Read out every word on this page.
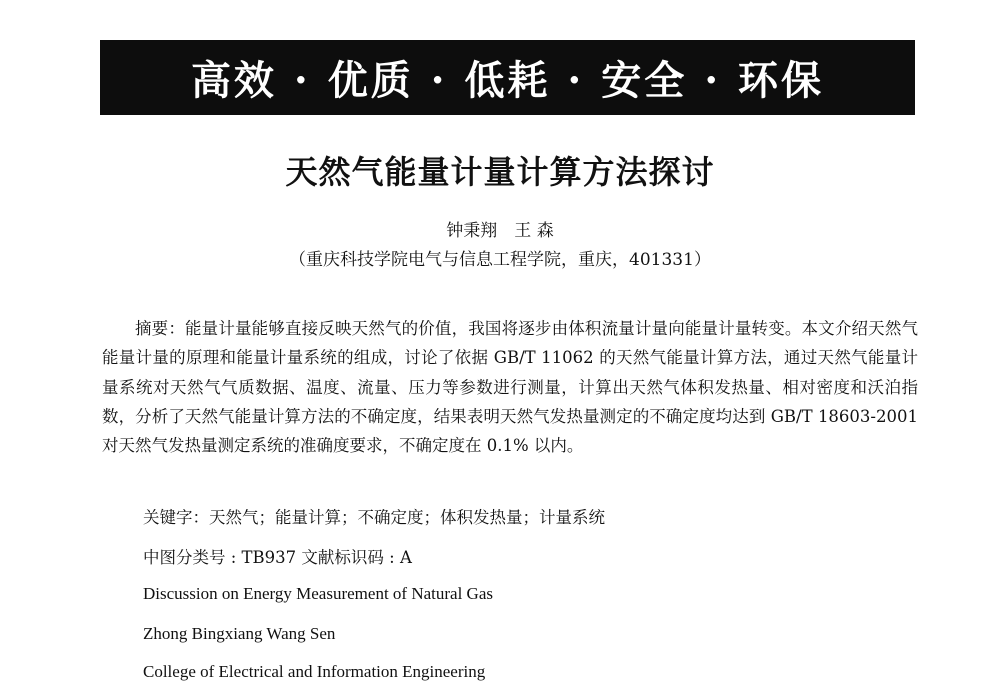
高效 · 优质 · 低耗 · 安全 · 环保
天然气能量计量计算方法探讨
钟秉翔　王 森
（重庆科技学院电气与信息工程学院，重庆，401331）

摘要：能量计量能够直接反映天然气的价值，我国将逐步由体积流量计量向能量计量转变。本文介绍天然气能量计量的原理和能量计量系统的组成，讨论了依据 GB/T 11062 的天然气能量计算方法，通过天然气能量计量系统对天然气气质数据、温度、流量、压力等参数进行测量，计算出天然气体积发热量、相对密度和沃泊指数，分析了天然气能量计算方法的不确定度，结果表明天然气发热量测定的不确定度均达到 GB/T 18603-2001 对天然气发热量测定系统的准确度要求，不确定度在 0.1% 以内。

关键字：天然气；能量计算；不确定度；体积发热量；计量系统
中图分类号 : TB937 文献标识码 : A
Discussion on Energy Measurement of Natural Gas
Zhong Bingxiang Wang Sen
College of Electrical and Information Engineering
